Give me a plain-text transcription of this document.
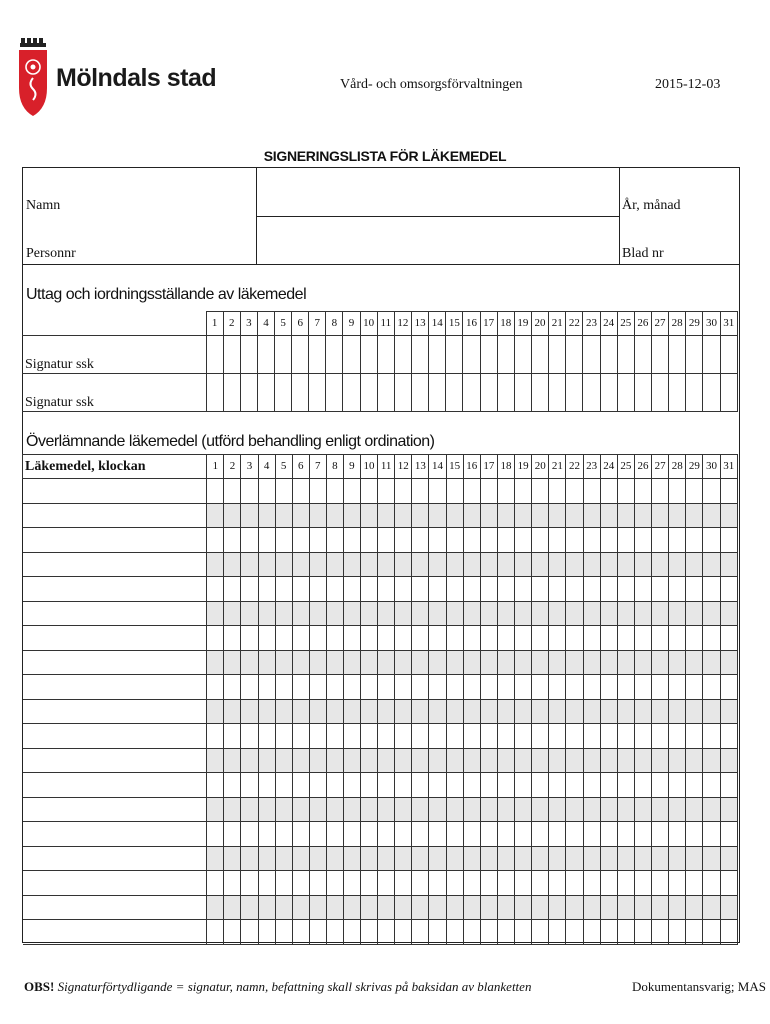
Mölndals stad	Vård- och omsorgsförvaltningen	2015-12-03
SIGNERINGSLISTA FÖR LÄKEMEDEL
Namn	År, månad
Personnr	Blad nr
Uttag och iordningsställande av läkemedel
	1	2	3	4	5	6	7	8	9	10	11	12	13	14	15	16	17	18	19	20	21	22	23	24	25	26	27	28	29	30	31
Signatur ssk																															
Signatur ssk																															
Överlämnande läkemedel (utförd behandling enligt ordination)
Läkemedel, klockan	1	2	3	4	5	6	7	8	9	10	11	12	13	14	15	16	17	18	19	20	21	22	23	24	25	26	27	28	29	30	31

OBS! Signaturförtydligande = signatur, namn, befattning skall skrivas på baksidan av blanketten	Dokumentansvarig; MAS
